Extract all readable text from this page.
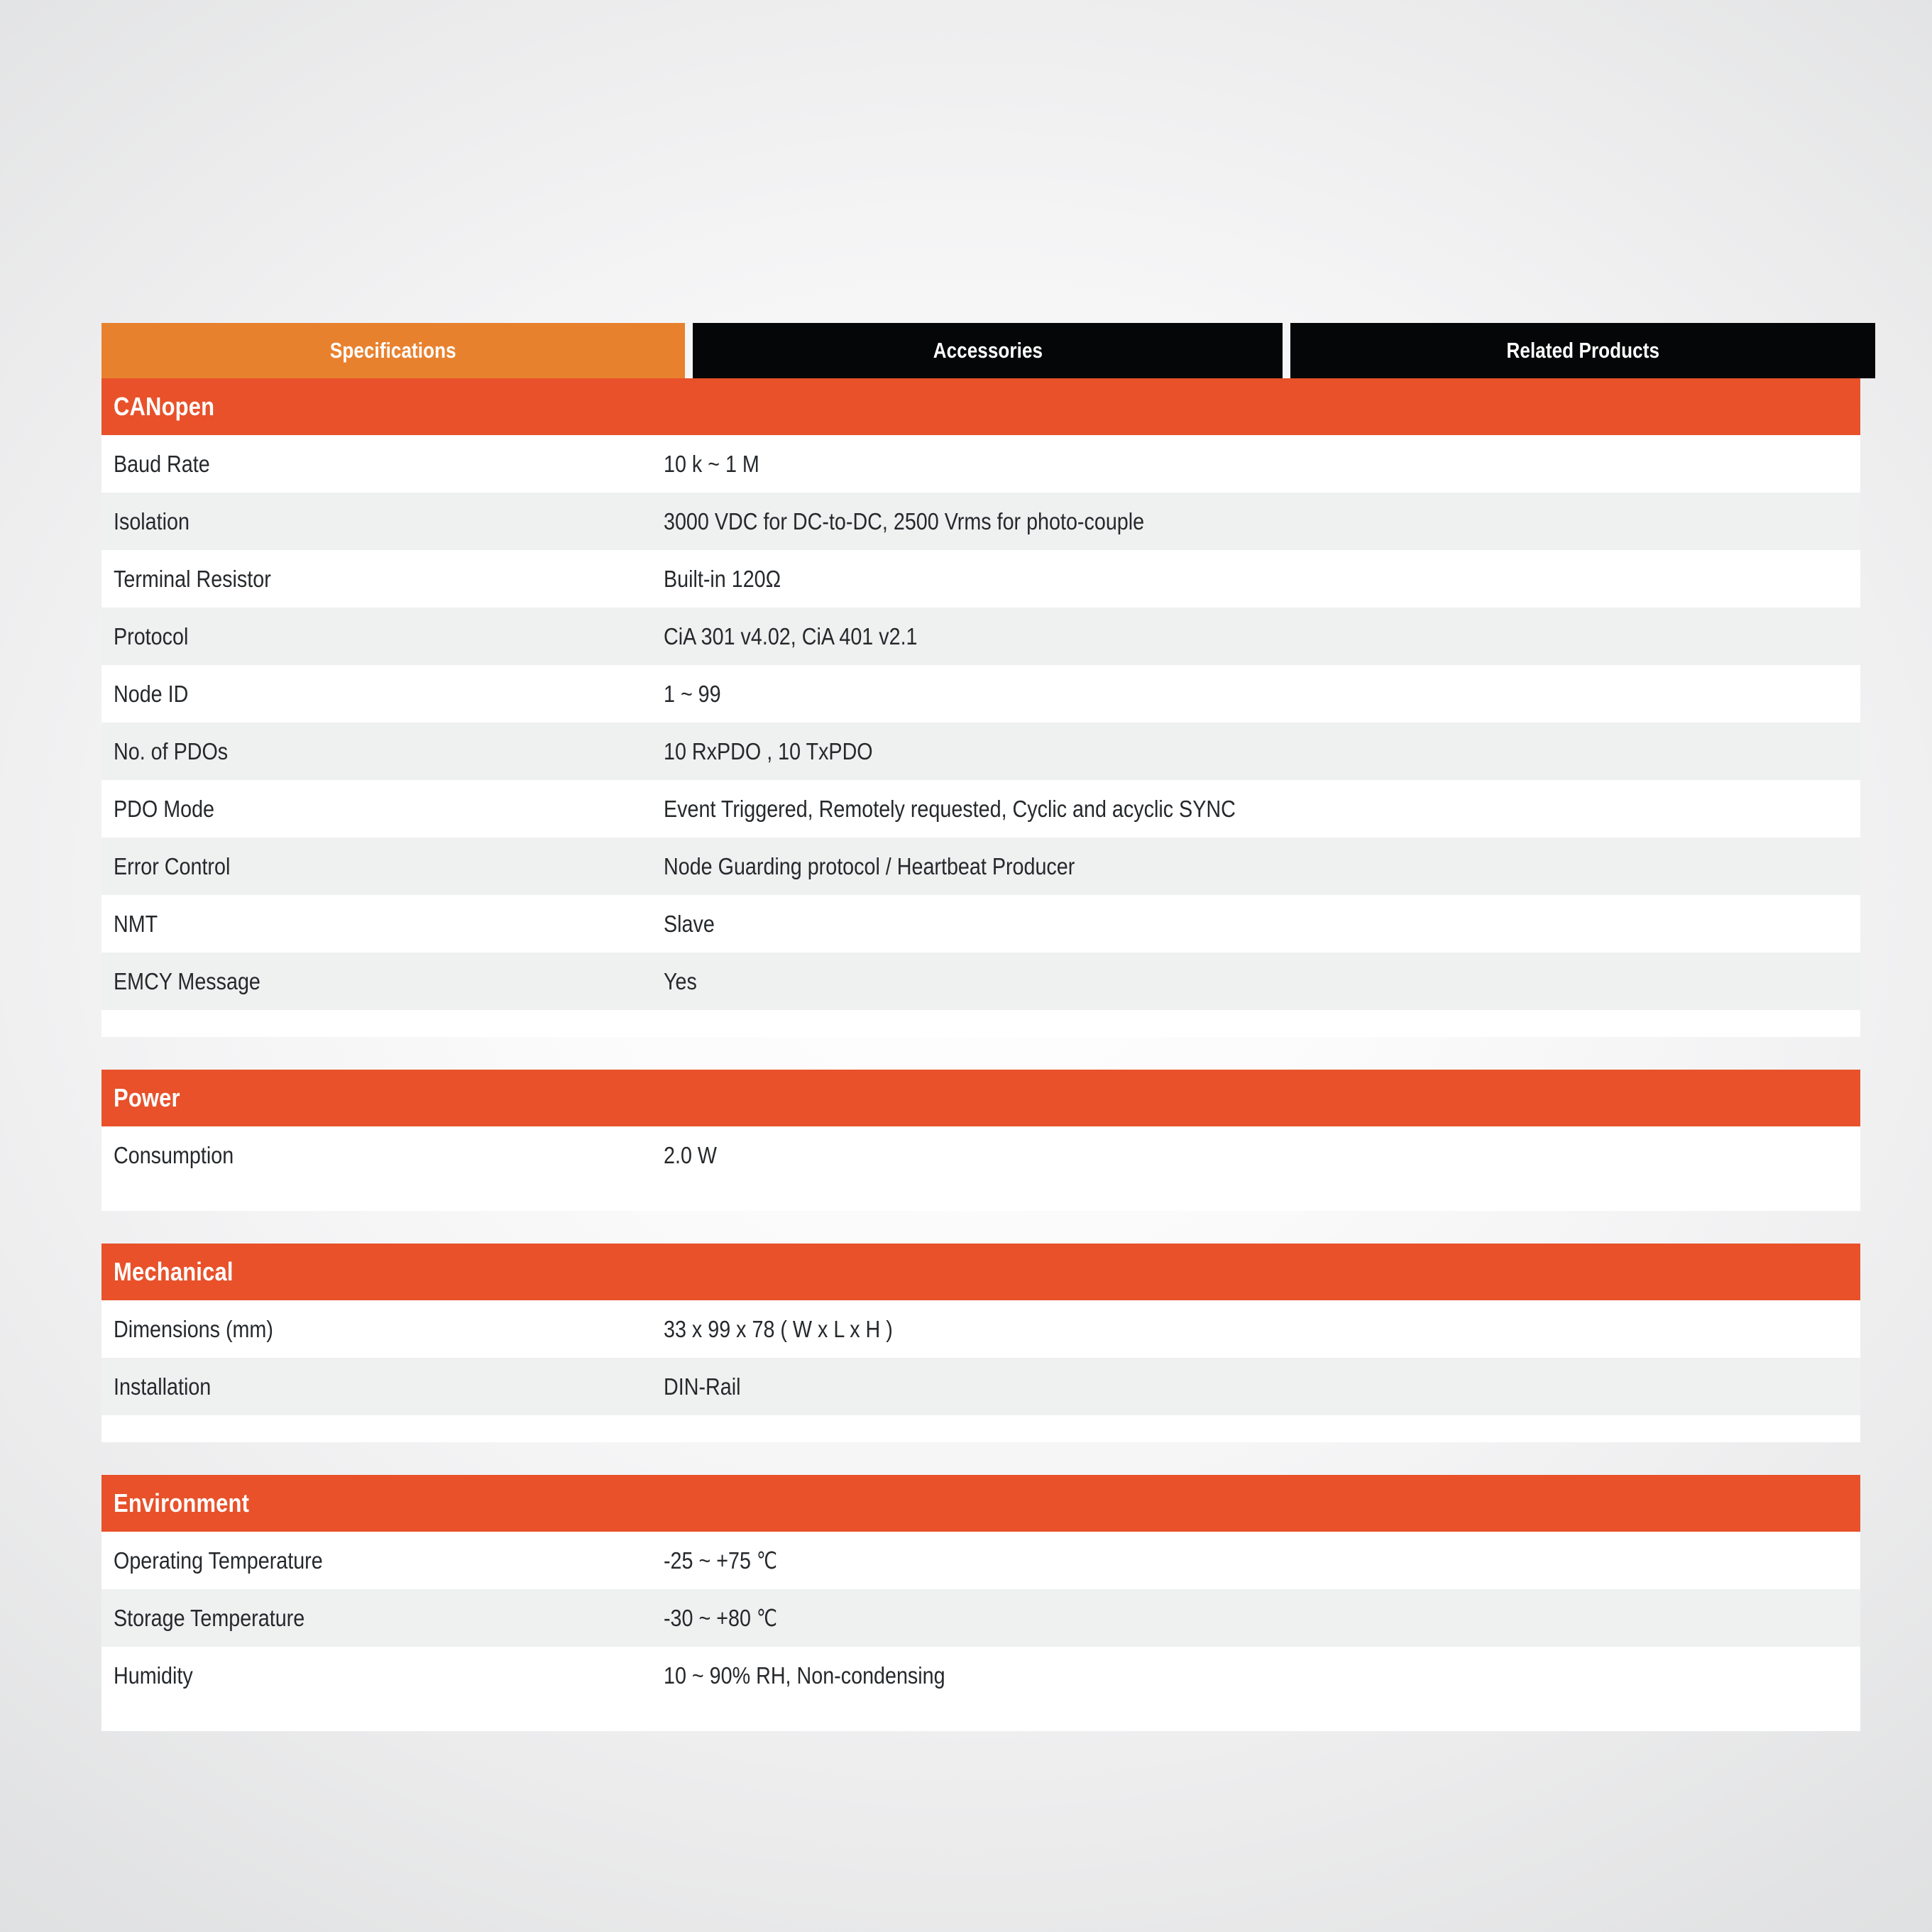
Specifications	Accessories	Related Products
CANopen
Baud Rate	10 k ~ 1 M
Isolation	3000 VDC for DC-to-DC, 2500 Vrms for photo-couple
Terminal Resistor	Built-in 120Ω
Protocol	CiA 301 v4.02, CiA 401 v2.1
Node ID	1 ~ 99
No. of PDOs	10 RxPDO , 10 TxPDO
PDO Mode	Event Triggered, Remotely requested, Cyclic and acyclic SYNC
Error Control	Node Guarding protocol / Heartbeat Producer
NMT	Slave
EMCY Message	Yes
Power
Consumption	2.0 W
Mechanical
Dimensions (mm)	33 x 99 x 78 ( W x L x H )
Installation	DIN-Rail
Environment
Operating Temperature	-25 ~ +75 ℃
Storage Temperature	-30 ~ +80 ℃
Humidity	10 ~ 90% RH, Non-condensing
